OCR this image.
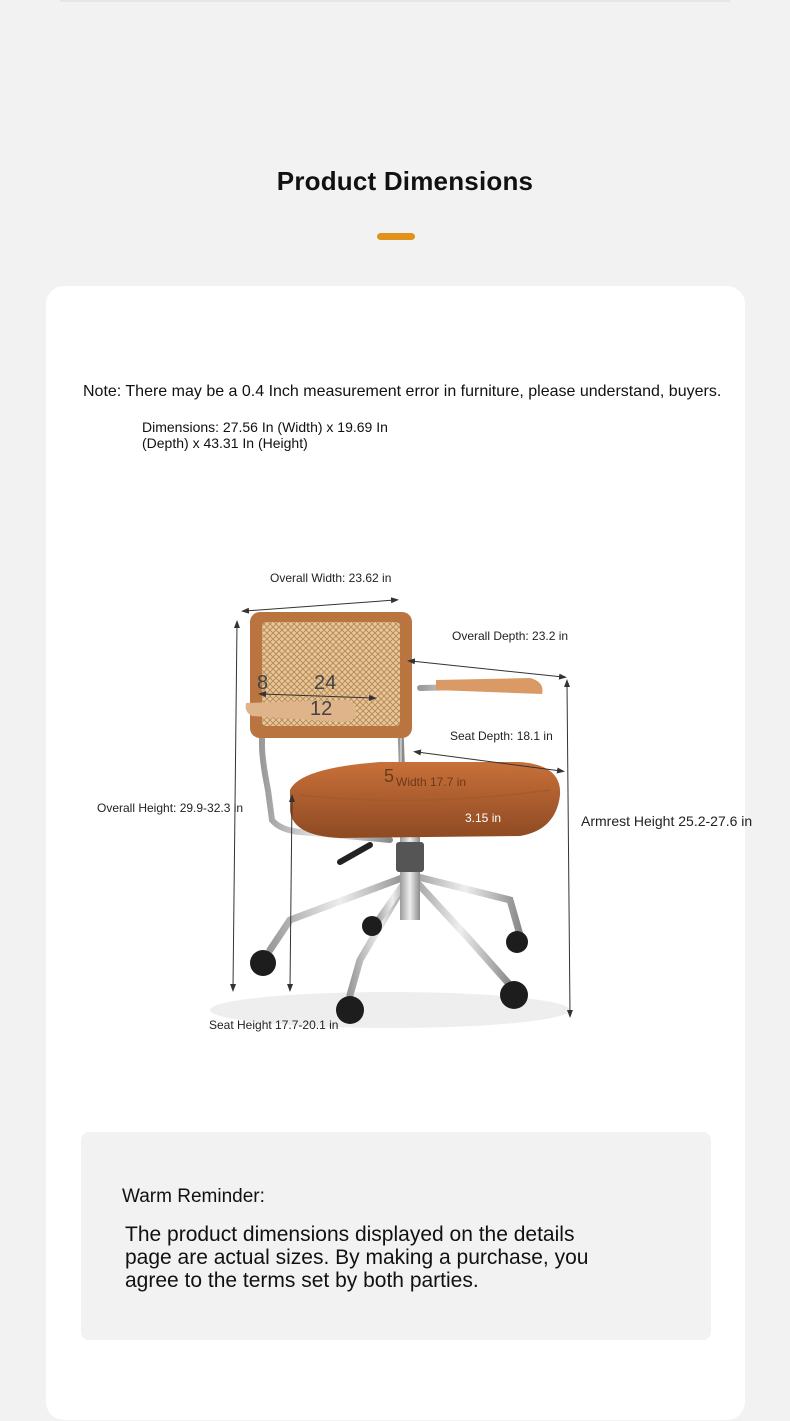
Product Dimensions
Note: There may be a 0.4 Inch measurement error in furniture, please understand, buyers.
Dimensions: 27.56 In (Width) x 19.69 In (Depth) x 43.31 In (Height)
Overall Width: 23.62 in
Overall Depth: 23.2 in
Seat Depth: 18.1 in
Overall Height: 29.9-32.3 in
Width 17.7 in
3.15 in	Armrest Height 25.2-27.6 in
Seat Height 17.7-20.1 in
8 24
12
5
Warm Reminder:
The product dimensions displayed on the details page are actual sizes. By making a purchase, you agree to the terms set by both parties.
